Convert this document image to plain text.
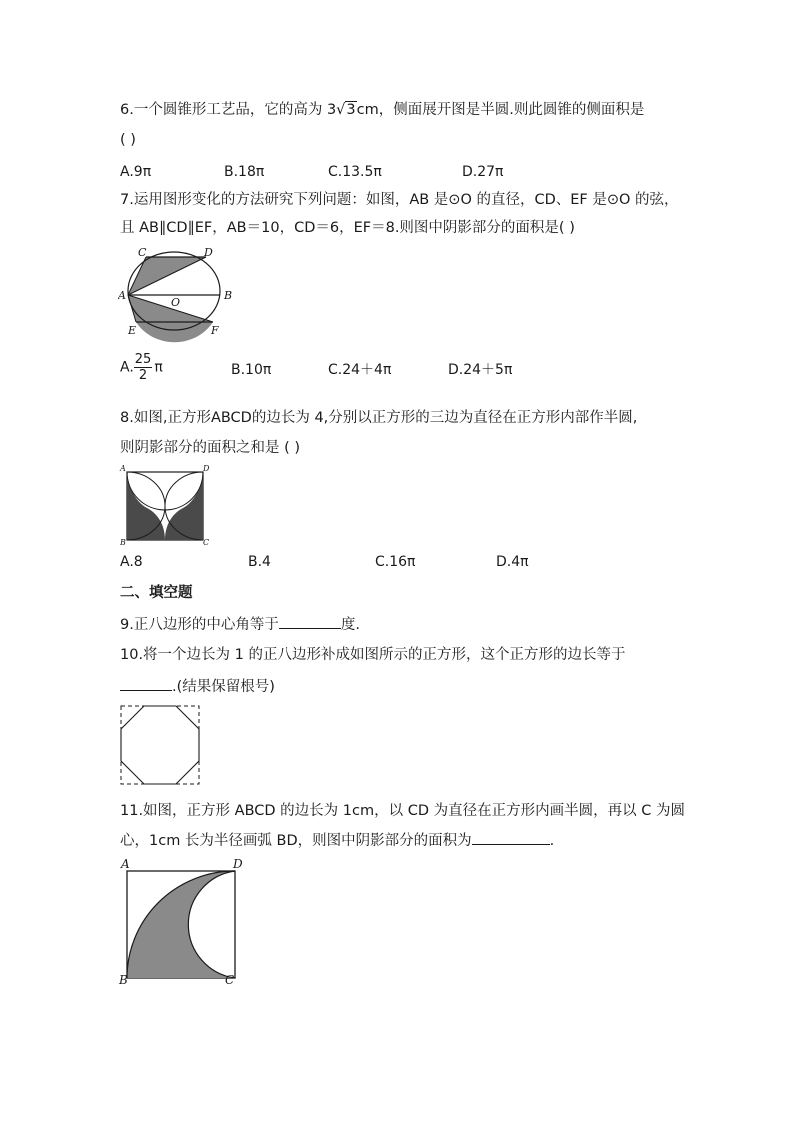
6.一个圆锥形工艺品，它的高为 3√3cm，侧面展开图是半圆.则此圆锥的侧面积是
( )
A.9π	B.18π	C.13.5π	D.27π
7.运用图形变化的方法研究下列问题：如图，AB 是⊙O 的直径，CD、EF 是⊙O 的弦，
且 AB∥CD∥EF，AB＝10，CD＝6，EF＝8.则图中阴影部分的面积是( )
C	D
A
O
B
E	F
A. $\frac{25}{2}$ π	B.10π	C.24＋4π	D.24＋5π
8.如图,正方形ABCD的边长为 4,分别以正方形的三边为直径在正方形内部作半圆,
则阴影部分的面积之和是 ( )
A	D
B	C
A.8	B.4	C.16π	D.4π
二、填空题
9.正八边形的中心角等于	度.
10.将一个边长为 1 的正八边形补成如图所示的正方形，这个正方形的边长等于
.(结果保留根号)
11.如图，正方形 ABCD 的边长为 1cm，以 CD 为直径在正方形内画半圆，再以 C 为圆
心，1cm 长为半径画弧 BD，则图中阴影部分的面积为	.
A	D
B	C
